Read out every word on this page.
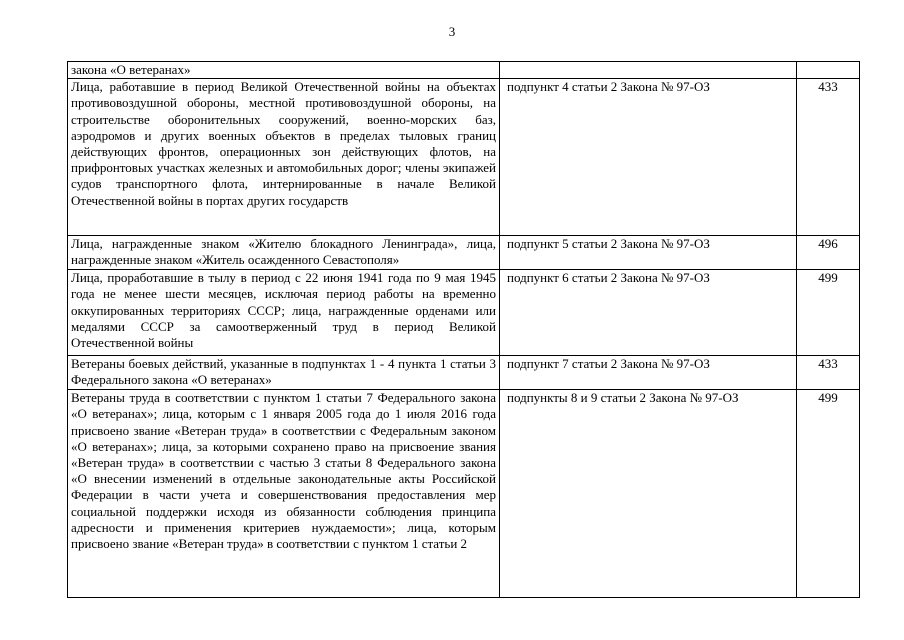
3
закона «О ветеранах»		
Лица, работавшие в период Великой Отечественной войны на объектах противовоздушной обороны, местной противовоздушной обороны, на строительстве оборонительных сооружений, военно-морских баз, аэродромов и других военных объектов в пределах тыловых границ действующих фронтов, операционных зон действующих флотов, на прифронтовых участках железных и автомобильных дорог; члены экипажей судов транспортного флота, интернированные в начале Великой Отечественной войны в портах других государств	подпункт 4 статьи 2 Закона № 97-ОЗ	433
Лица, награжденные знаком «Жителю блокадного Ленинграда», лица, награжденные знаком «Житель осажденного Севастополя»	подпункт 5 статьи 2 Закона № 97-ОЗ	496
Лица, проработавшие в тылу в период с 22 июня 1941 года по 9 мая 1945 года не менее шести месяцев, исключая период работы на временно оккупированных территориях СССР; лица, награжденные орденами или медалями СССР за самоотверженный труд в период Великой Отечественной войны	подпункт 6 статьи 2 Закона № 97-ОЗ	499
Ветераны боевых действий, указанные в подпунктах 1 - 4 пункта 1 статьи 3 Федерального закона «О ветеранах»	подпункт 7 статьи 2 Закона № 97-ОЗ	433
Ветераны труда в соответствии с пунктом 1 статьи 7 Федерального закона «О ветеранах»; лица, которым с 1 января 2005 года до 1 июля 2016 года присвоено звание «Ветеран труда» в соответствии с Федеральным законом «О ветеранах»; лица, за которыми сохранено право на присвоение звания «Ветеран труда» в соответствии с частью 3 статьи 8 Федерального закона «О внесении изменений в отдельные законодательные акты Российской Федерации в части учета и совершенствования предоставления мер социальной поддержки исходя из обязанности соблюдения принципа адресности и применения критериев нуждаемости»; лица, которым присвоено звание «Ветеран труда» в соответствии с пунктом 1 статьи 2	подпункты 8 и 9 статьи 2 Закона № 97-ОЗ	499
